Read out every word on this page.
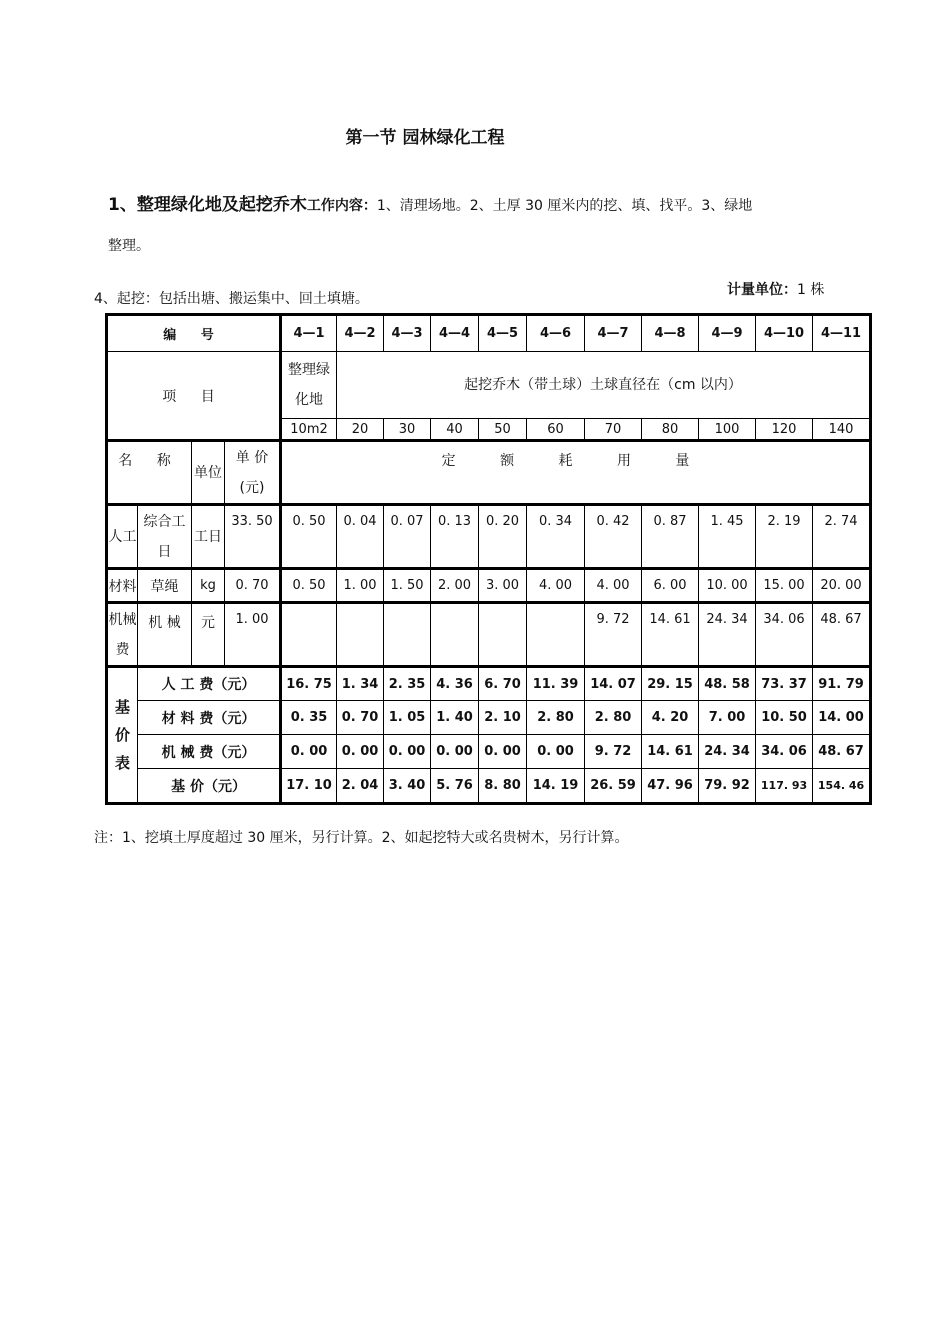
第一节 园林绿化工程
1、整理绿化地及起挖乔木工作内容：1、清理场地。2、土厚 30 厘米内的挖、填、找平。3、绿地
整理。
4、起挖：包括出塘、搬运集中、回土填塘。
计量单位：1 株
编 号				4—1	4—2	4—3	4—4	4—5	4—6	4—7	4—8	4—9	4—10	4—11
项 目				整理绿化地	起挖乔木（带土球）土球直径在（cm 以内）									
				10m2	20	30	40	50	60	70	80	100	120	140
名 称		单位	单 价(元)	定 额 耗 用 量										
人工	综合工日	工日	33. 50	0. 50	0. 04	0. 07	0. 13	0. 20	0. 34	0. 42	0. 87	1. 45	2. 19	2. 74
材料	草绳	kg	0. 70	0. 50	1. 00	1. 50	2. 00	3. 00	4. 00	4. 00	6. 00	10. 00	15. 00	20. 00
机械费	机 械	元	1. 00							9. 72	14. 61	24. 34	34. 06	48. 67
基价表	人 工 费（元）			16. 75	1. 34	2. 35	4. 36	6. 70	11. 39	14. 07	29. 15	48. 58	73. 37	91. 79
	材 料 费（元）			0. 35	0. 70	1. 05	1. 40	2. 10	2. 80	2. 80	4. 20	7. 00	10. 50	14. 00
	机 械 费（元）			0. 00	0. 00	0. 00	0. 00	0. 00	0. 00	9. 72	14. 61	24. 34	34. 06	48. 67
	基 价（元）			17. 10	2. 04	3. 40	5. 76	8. 80	14. 19	26. 59	47. 96	79. 92	117. 93	154. 46
注：1、挖填土厚度超过 30 厘米，另行计算。2、如起挖特大或名贵树木，另行计算。
